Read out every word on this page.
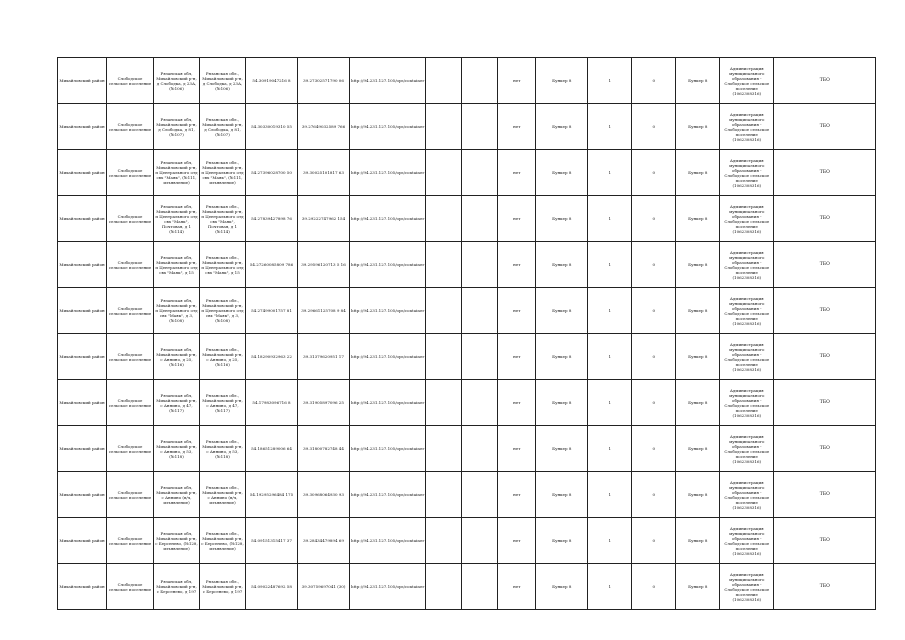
Михайловский район	Слободское сельское поселение	Рязанская обл, Михайловский р-н, д Слободка, д 23А, (№106)	Рязанская обл., Михайловский р-н, д Слободка, д 23А, (№106)	54.30919047216 8	39.27302571790 06	http://94.231.127.105/ops/container			нет	Бункер 8	1	0	Бункер 8	Администрация муниципального образования - Слободское сельское поселение (1062308316)	ТБО
Михайловский район	Слободское сельское поселение	Рязанская обл, Михайловский р-н, д Слободка, д 81, (№107)	Рязанская обл., Михайловский р-н, д Слободка, д 81, (№107)	54.30330019310 55	39.27649032589 766	http://94.231.127.105/ops/container			нет	Бункер 8	1	0	Бункер 8	Администрация муниципального образования - Слободское сельское поселение (1062308316)	ТБО
Михайловский район	Слободское сельское поселение	Рязанская обл, Михайловский р-н, п Центрального отд свх "Маяк", (№111, изъявление)	Рязанская обл., Михайловский р-н, п Центрального отд свх "Маяк", (№111, изъявление)	54.27396028700 50	39.30025101817 63	http://94.231.127.105/ops/container			нет	Бункер 8	1	0	Бункер 8	Администрация муниципального образования - Слободское сельское поселение (1062308316)	ТБО
Михайловский район	Слободское сельское поселение	Рязанская обл, Михайловский р-н, п Центрального отд свх "Маяк", Почтовая, д 1 (№114)	Рязанская обл., Михайловский р-н, п Центрального отд свх "Маяк", Почтовая, д 1 (№114)	54.27839427898 76	39.29222747962 154	http://94.231.127.105/ops/container			нет	Бункер 8	1	0	Бункер 8	Администрация муниципального образования - Слободское сельское поселение (1062308316)	ТБО
Михайловский район	Слободское сельское поселение	Рязанская обл, Михайловский р-н, п Центрального отд свх "Маяк", д 15	Рязанская обл., Михайловский р-н, п Центрального отд свх "Маяк", д 15	54.27260085809 786	39.29596120713 5 16	http://94.231.127.105/ops/container			нет	Бункер 8	1	0	Бункер 8	Администрация муниципального образования - Слободское сельское поселение (1062308316)	ТБО
Михайловский район	Слободское сельское поселение	Рязанская обл, Михайловский р-н, п Центрального отд свх "Маяк", д 3, (№108)	Рязанская обл., Михайловский р-н, п Центрального отд свх "Маяк", д 3, (№108)	54.27499001757 81	39.29661125708 9 84	http://94.231.127.105/ops/container			нет	Бункер 8	1	0	Бункер 8	Администрация муниципального образования - Слободское сельское поселение (1062308316)	ТБО
Михайловский район	Слободское сельское поселение	Рязанская обл, Михайловский р-н, с Аннино, д 25, (№116)	Рязанская обл., Михайловский р-н, с Аннино, д 25, (№116)	54.18290932963 22	39.31379620951 17	http://94.231.127.105/ops/container			нет	Бункер 8	1	0	Бункер 8	Администрация муниципального образования - Слободское сельское поселение (1062308316)	ТБО
Михайловский район	Слободское сельское поселение	Рязанская обл, Михайловский р-н, с Аннино, д 47, (№117)	Рязанская обл., Михайловский р-н, с Аннино, д 47, (№117)	54.17983096716 8	39.31905897096 25	http://94.231.127.105/ops/container			нет	Бункер 8	1	0	Бункер 8	Администрация муниципального образования - Слободское сельское поселение (1062308316)	ТБО
Михайловский район	Слободское сельское поселение	Рязанская обл, Михайловский р-н, с Аннино, д 53, (№118)	Рязанская обл., Михайловский р-н, с Аннино, д 53, (№118)	54.18651289006 64	39.31800782748 44	http://94.231.127.105/ops/container			нет	Бункер 8	1	0	Бункер 8	Администрация муниципального образования - Слободское сельское поселение (1062308316)	ТБО
Михайловский район	Слободское сельское поселение	Рязанская обл, Михайловский р-н, с Аннино (в/ч, изъявление)	Рязанская обл., Михайловский р-н, с Аннино (в/ч, изъявление)	54.19295296484 175	39.30968064930 93	http://94.231.127.105/ops/container			нет	Бункер 8	1	0	Бункер 8	Администрация муниципального образования - Слободское сельское поселение (1062308316)	ТБО
Михайловский район	Слободское сельское поселение	Рязанская обл, Михайловский р-н, с Берсенево, (№128, изъявление)	Рязанская обл., Михайловский р-н, с Берсенево, (№128, изъявление)	54.09151315417 37	39.28434479894 69	http://94.231.127.105/ops/container			нет	Бункер 8	1	0	Бункер 8	Администрация муниципального образования - Слободское сельское поселение (1062308316)	ТБО
Михайловский район	Слободское сельское поселение	Рязанская обл, Михайловский р-н, с Берсенево, д 197	Рязанская обл., Михайловский р-н, с Берсенево, д 197	54.09022487692 58	39.30759697041 (30)	http://94.231.127.105/ops/container			нет	Бункер 8	1	0	Бункер 8	Администрация муниципального образования - Слободское сельское поселение (1062308316)	ТБО
